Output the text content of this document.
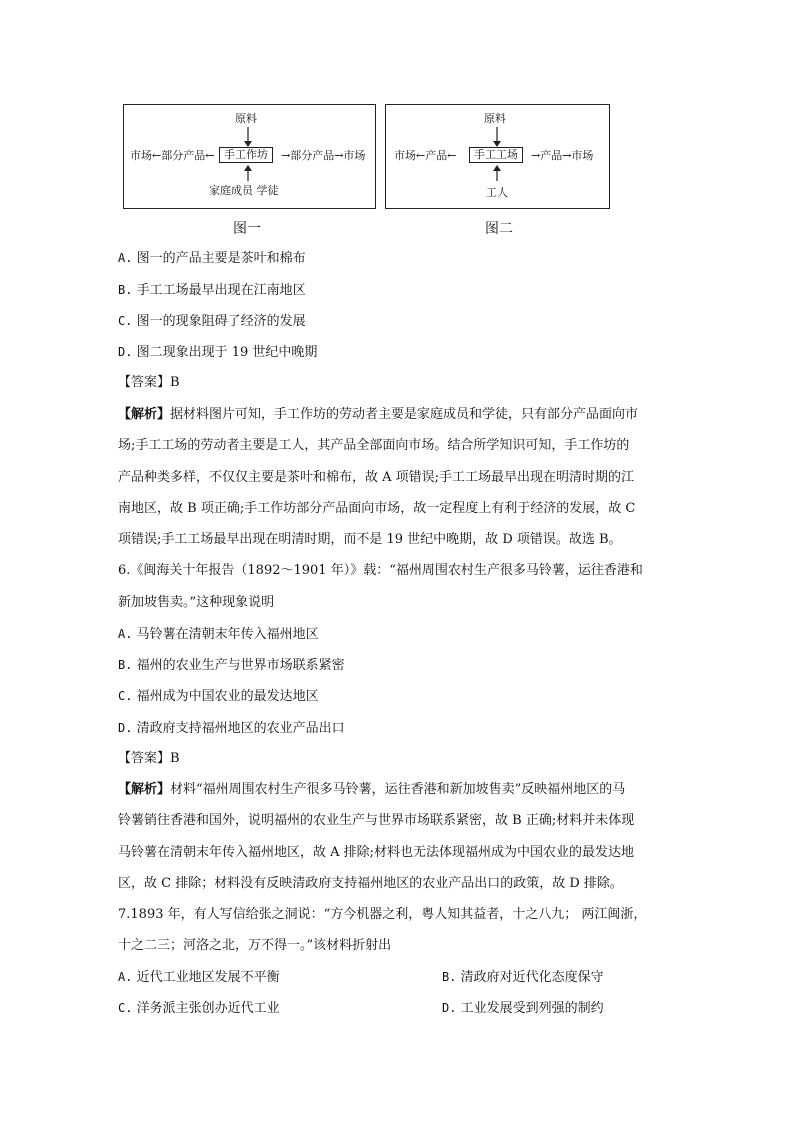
原料
手工作坊
市场←部分产品←	→部分产品→市场
家庭成员 学徒
图一
原料
手工工场
市场←产品←	→产品→市场
工人
图二
A. 图一的产品主要是茶叶和棉布
B. 手工工场最早出现在江南地区
C. 图一的现象阻碍了经济的发展
D. 图二现象出现于 19 世纪中晚期
【答案】B
【解析】据材料图片可知，手工作坊的劳动者主要是家庭成员和学徒，只有部分产品面向市
场;手工工场的劳动者主要是工人，其产品全部面向市场。结合所学知识可知，手工作坊的
产品种类多样，不仅仅主要是茶叶和棉布，故 A 项错误;手工工场最早出现在明清时期的江
南地区，故 B 项正确;手工作坊部分产品面向市场，故一定程度上有利于经济的发展，故 C
项错误;手工工场最早出现在明清时期，而不是 19 世纪中晚期，故 D 项错误。故选 B。
6.《闽海关十年报告（1892～1901 年）》载：“福州周围农村生产很多马铃薯，运往香港和
新加坡售卖。”这种现象说明
A. 马铃薯在清朝末年传入福州地区
B. 福州的农业生产与世界市场联系紧密
C. 福州成为中国农业的最发达地区
D. 清政府支持福州地区的农业产品出口
【答案】B
【解析】材料“福州周围农村生产很多马铃薯，运往香港和新加坡售卖”反映福州地区的马
铃薯销往香港和国外，说明福州的农业生产与世界市场联系紧密，故 B 正确;材料并未体现
马铃薯在清朝末年传入福州地区，故 A 排除;材料也无法体现福州成为中国农业的最发达地
区，故 C 排除；材料没有反映清政府支持福州地区的农业产品出口的政策，故 D 排除。
7.1893 年，有人写信给张之洞说：“方今机器之利，粤人知其益者，十之八九； 两江闽浙，
十之二三；河洛之北，万不得一。”该材料折射出
A. 近代工业地区发展不平衡	B. 清政府对近代化态度保守
C. 洋务派主张创办近代工业	D. 工业发展受到列强的制约
